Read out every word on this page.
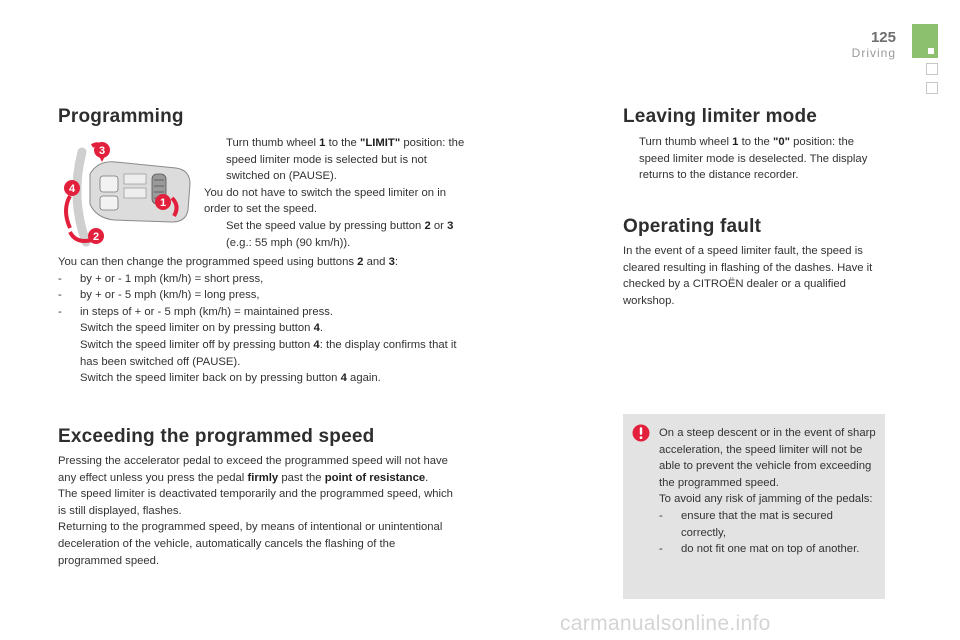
125
Driving
Programming
3
4
1
2

Turn thumb wheel 1 to the "LIMIT" position: the speed limiter mode is selected but is not switched on (PAUSE).

You do not have to switch the speed limiter on in order to set the speed.

Set the speed value by pressing button 2 or 3 (e.g.: 55 mph (90 km/h)).

You can then change the programmed speed using buttons 2 and 3:

- by + or - 1 mph (km/h) = short press,

- by + or - 5 mph (km/h) = long press,

- in steps of + or - 5 mph (km/h) = maintained press.

Switch the speed limiter on by pressing button 4.

Switch the speed limiter off by pressing button 4: the display confirms that it has been switched off (PAUSE).

Switch the speed limiter back on by pressing button 4 again.

Exceeding the programmed speed

Pressing the accelerator pedal to exceed the programmed speed will not have any effect unless you press the pedal firmly past the point of resistance.

The speed limiter is deactivated temporarily and the programmed speed, which is still displayed, flashes.

Returning to the programmed speed, by means of intentional or unintentional deceleration of the vehicle, automatically cancels the flashing of the programmed speed.

Leaving limiter mode

Turn thumb wheel 1 to the "0" position: the speed limiter mode is deselected. The display returns to the distance recorder.

Operating fault
In the event of a speed limiter fault, the speed is cleared resulting in flashing of the dashes. Have it checked by a CITROËN dealer or a qualified workshop.

On a steep descent or in the event of sharp acceleration, the speed limiter will not be able to prevent the vehicle from exceeding the programmed speed.

To avoid any risk of jamming of the pedals:

- ensure that the mat is secured correctly,

- do not fit one mat on top of another.

carmanualsonline.info
